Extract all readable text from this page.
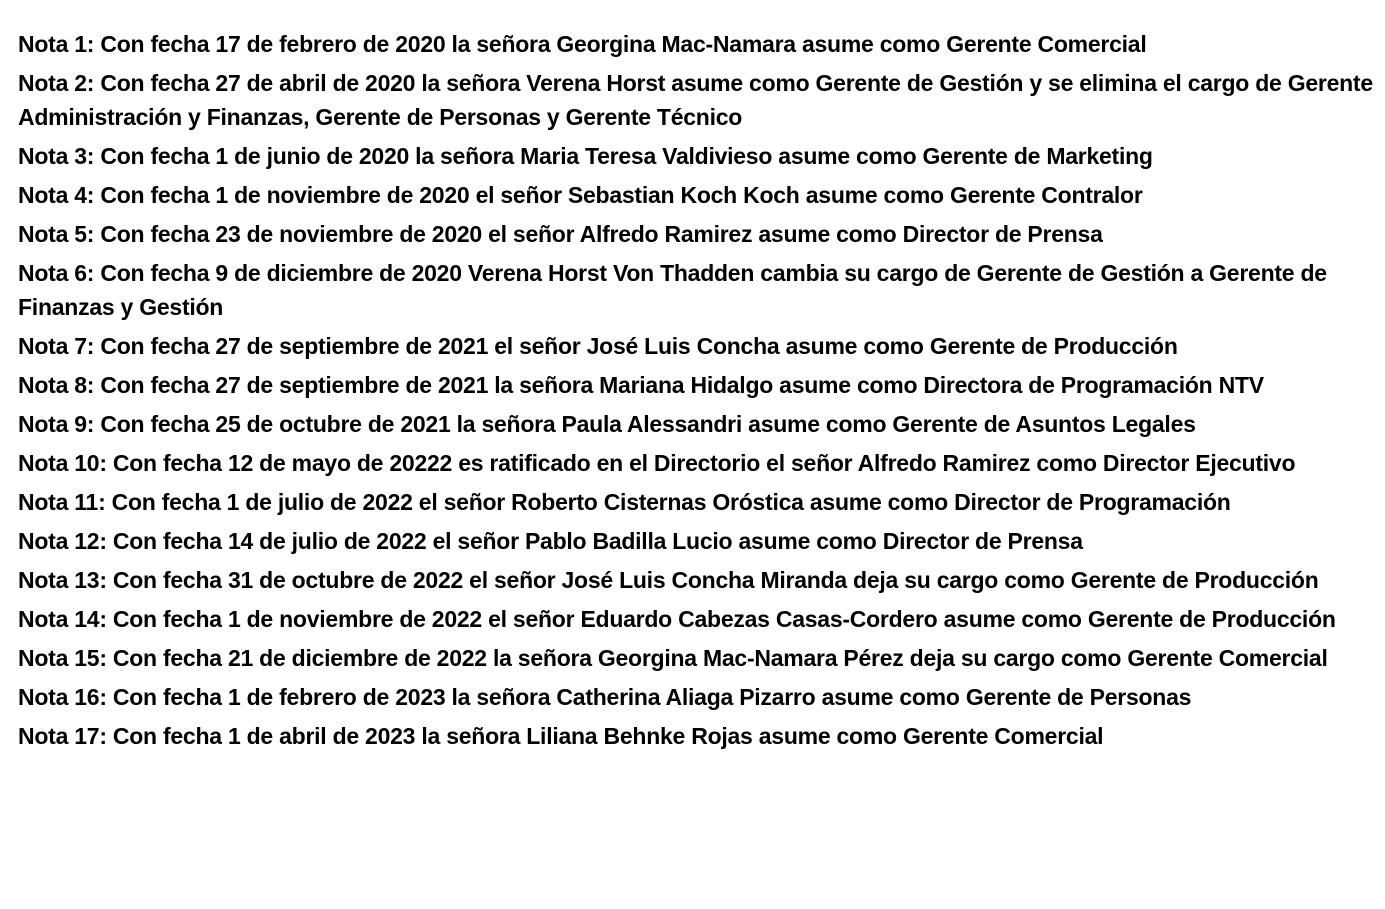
Nota 1: Con fecha 17 de febrero de 2020 la señora Georgina Mac-Namara asume como Gerente Comercial
Nota 2: Con fecha 27 de abril de 2020 la señora Verena Horst asume como Gerente de Gestión y se elimina el cargo de Gerente Administración y Finanzas, Gerente de Personas y Gerente Técnico
Nota 3: Con fecha 1 de junio de 2020 la señora Maria Teresa Valdivieso asume como Gerente de Marketing
Nota 4: Con fecha 1 de noviembre de 2020 el señor Sebastian Koch Koch asume como Gerente Contralor
Nota 5: Con fecha 23 de noviembre de 2020 el señor Alfredo Ramirez asume como Director de Prensa
Nota 6: Con fecha 9 de diciembre de 2020 Verena Horst Von Thadden cambia su cargo de Gerente de Gestión a Gerente de Finanzas y Gestión
Nota 7: Con fecha 27 de septiembre de 2021 el señor José Luis Concha asume como Gerente de Producción
Nota 8: Con fecha 27 de septiembre de 2021 la señora Mariana Hidalgo asume como Directora de Programación NTV
Nota 9: Con fecha 25 de octubre de 2021 la señora Paula Alessandri asume como Gerente de Asuntos Legales
Nota 10: Con fecha 12 de mayo de 20222 es ratificado en el Directorio el señor Alfredo Ramirez como Director Ejecutivo
Nota 11: Con fecha 1 de julio de 2022 el señor Roberto Cisternas Oróstica asume como Director de Programación
Nota 12: Con fecha 14 de julio de 2022 el señor Pablo Badilla Lucio asume como Director de Prensa
Nota 13: Con fecha 31 de octubre de 2022 el señor José Luis Concha Miranda deja su cargo como Gerente de Producción
Nota 14: Con fecha 1 de noviembre de 2022 el señor Eduardo Cabezas Casas-Cordero asume como Gerente de Producción
Nota 15: Con fecha 21 de diciembre de 2022 la señora Georgina Mac-Namara Pérez deja su cargo como Gerente Comercial
Nota 16: Con fecha 1 de febrero de 2023 la señora Catherina Aliaga Pizarro asume como Gerente de Personas
Nota 17: Con fecha 1 de abril de 2023 la señora Liliana Behnke Rojas asume como Gerente Comercial
